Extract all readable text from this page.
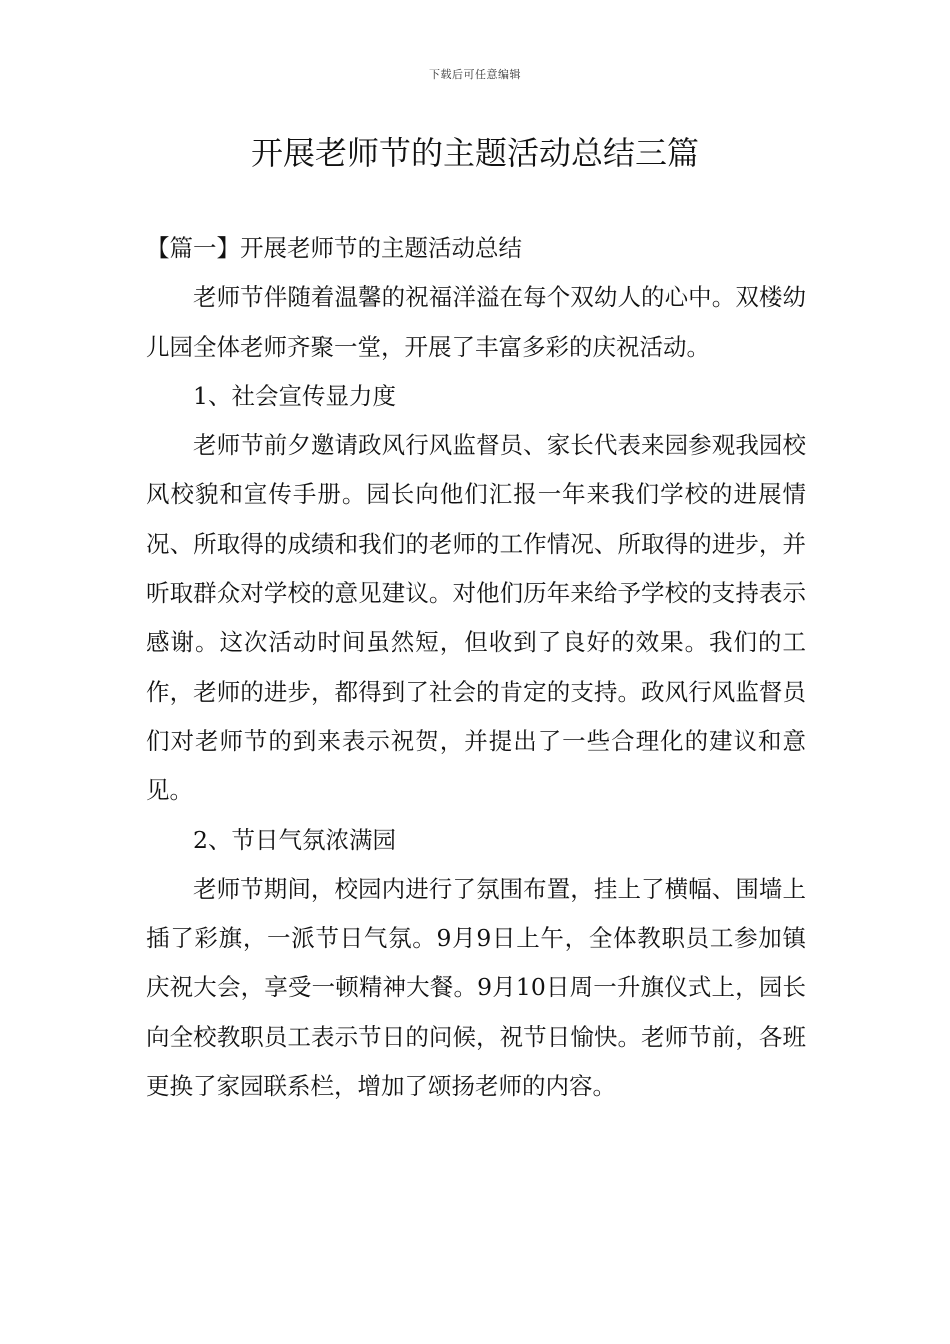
下载后可任意编辑
开展老师节的主题活动总结三篇

【篇一】开展老师节的主题活动总结

老师节伴随着温馨的祝福洋溢在每个双幼人的心中。双楼幼儿园全体老师齐聚一堂，开展了丰富多彩的庆祝活动。

1、社会宣传显力度

老师节前夕邀请政风行风监督员、家长代表来园参观我园校风校貌和宣传手册。园长向他们汇报一年来我们学校的进展情况、所取得的成绩和我们的老师的工作情况、所取得的进步，并听取群众对学校的意见建议。对他们历年来给予学校的支持表示感谢。这次活动时间虽然短，但收到了良好的效果。我们的工作，老师的进步，都得到了社会的肯定的支持。政风行风监督员们对老师节的到来表示祝贺，并提出了一些合理化的建议和意见。

2、节日气氛浓满园

老师节期间，校园内进行了氛围布置，挂上了横幅、围墙上插了彩旗，一派节日气氛。9月9日上午，全体教职员工参加镇庆祝大会，享受一顿精神大餐。9月10日周一升旗仪式上，园长向全校教职员工表示节日的问候，祝节日愉快。老师节前，各班更换了家园联系栏，增加了颂扬老师的内容。
